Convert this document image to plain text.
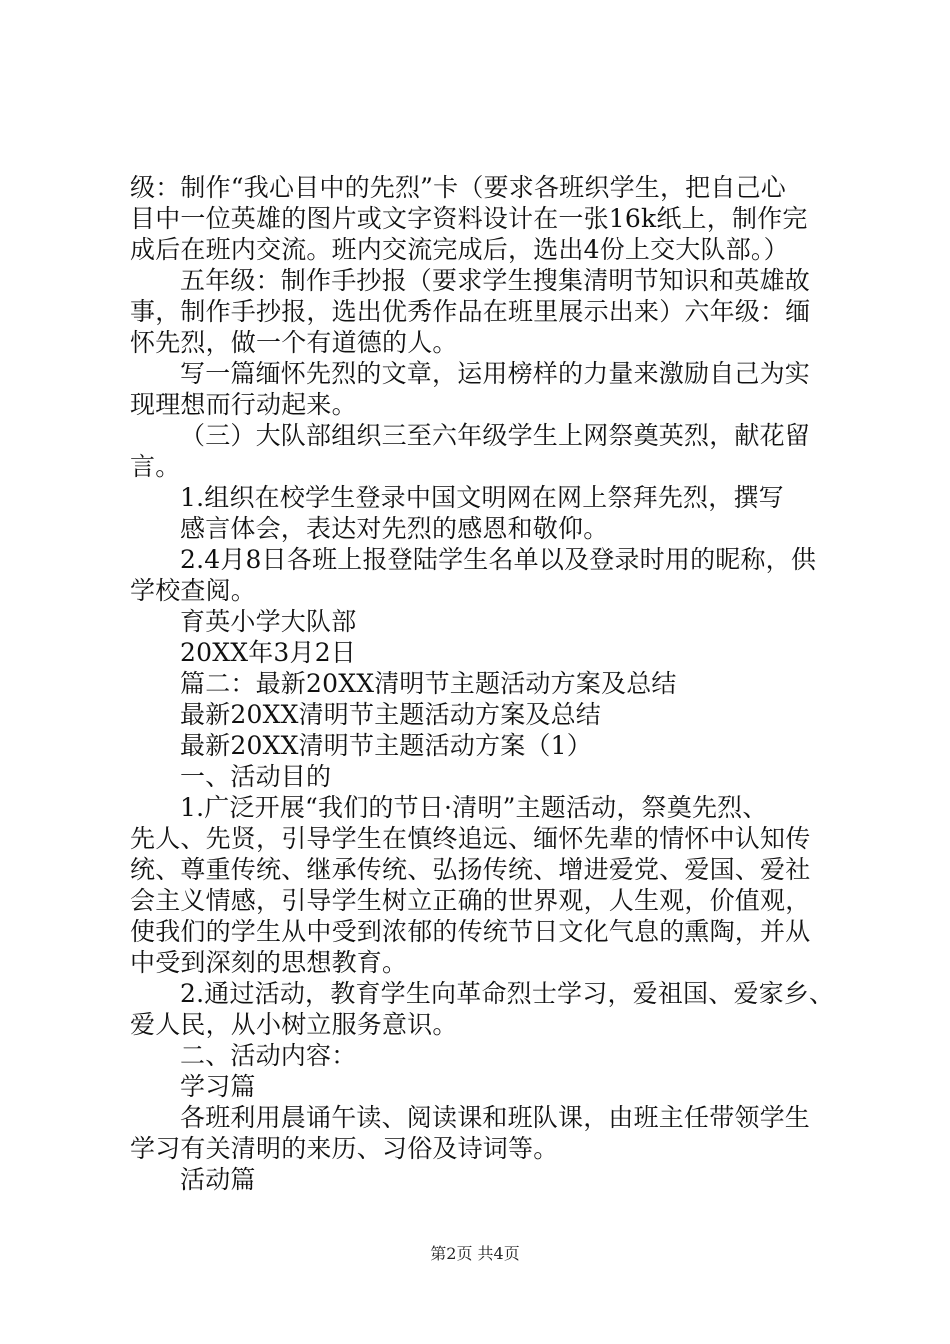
级：制作“我心目中的先烈”卡（要求各班织学生，把自己心
目中一位英雄的图片或文字资料设计在一张16k纸上，制作完
成后在班内交流。班内交流完成后，选出4份上交大队部。）
五年级：制作手抄报（要求学生搜集清明节知识和英雄故
事，制作手抄报，选出优秀作品在班里展示出来）六年级：缅
怀先烈，做一个有道德的人。
写一篇缅怀先烈的文章，运用榜样的力量来激励自己为实
现理想而行动起来。
（三）大队部组织三至六年级学生上网祭奠英烈，献花留
言。
1.组织在校学生登录中国文明网在网上祭拜先烈，撰写
感言体会，表达对先烈的感恩和敬仰。
2.4月8日各班上报登陆学生名单以及登录时用的昵称，供
学校查阅。
育英小学大队部
20XX年3月2日
篇二：最新20XX清明节主题活动方案及总结
最新20XX清明节主题活动方案及总结
最新20XX清明节主题活动方案（1）
一、活动目的
1.广泛开展“我们的节日·清明”主题活动，祭奠先烈、
先人、先贤，引导学生在慎终追远、缅怀先辈的情怀中认知传
统、尊重传统、继承传统、弘扬传统、增进爱党、爱国、爱社
会主义情感，引导学生树立正确的世界观，人生观，价值观，
使我们的学生从中受到浓郁的传统节日文化气息的熏陶，并从
中受到深刻的思想教育。
2.通过活动，教育学生向革命烈士学习，爱祖国、爱家乡、
爱人民，从小树立服务意识。
二、活动内容：
学习篇
各班利用晨诵午读、阅读课和班队课，由班主任带领学生
学习有关清明的来历、习俗及诗词等。
活动篇
第2页 共4页
